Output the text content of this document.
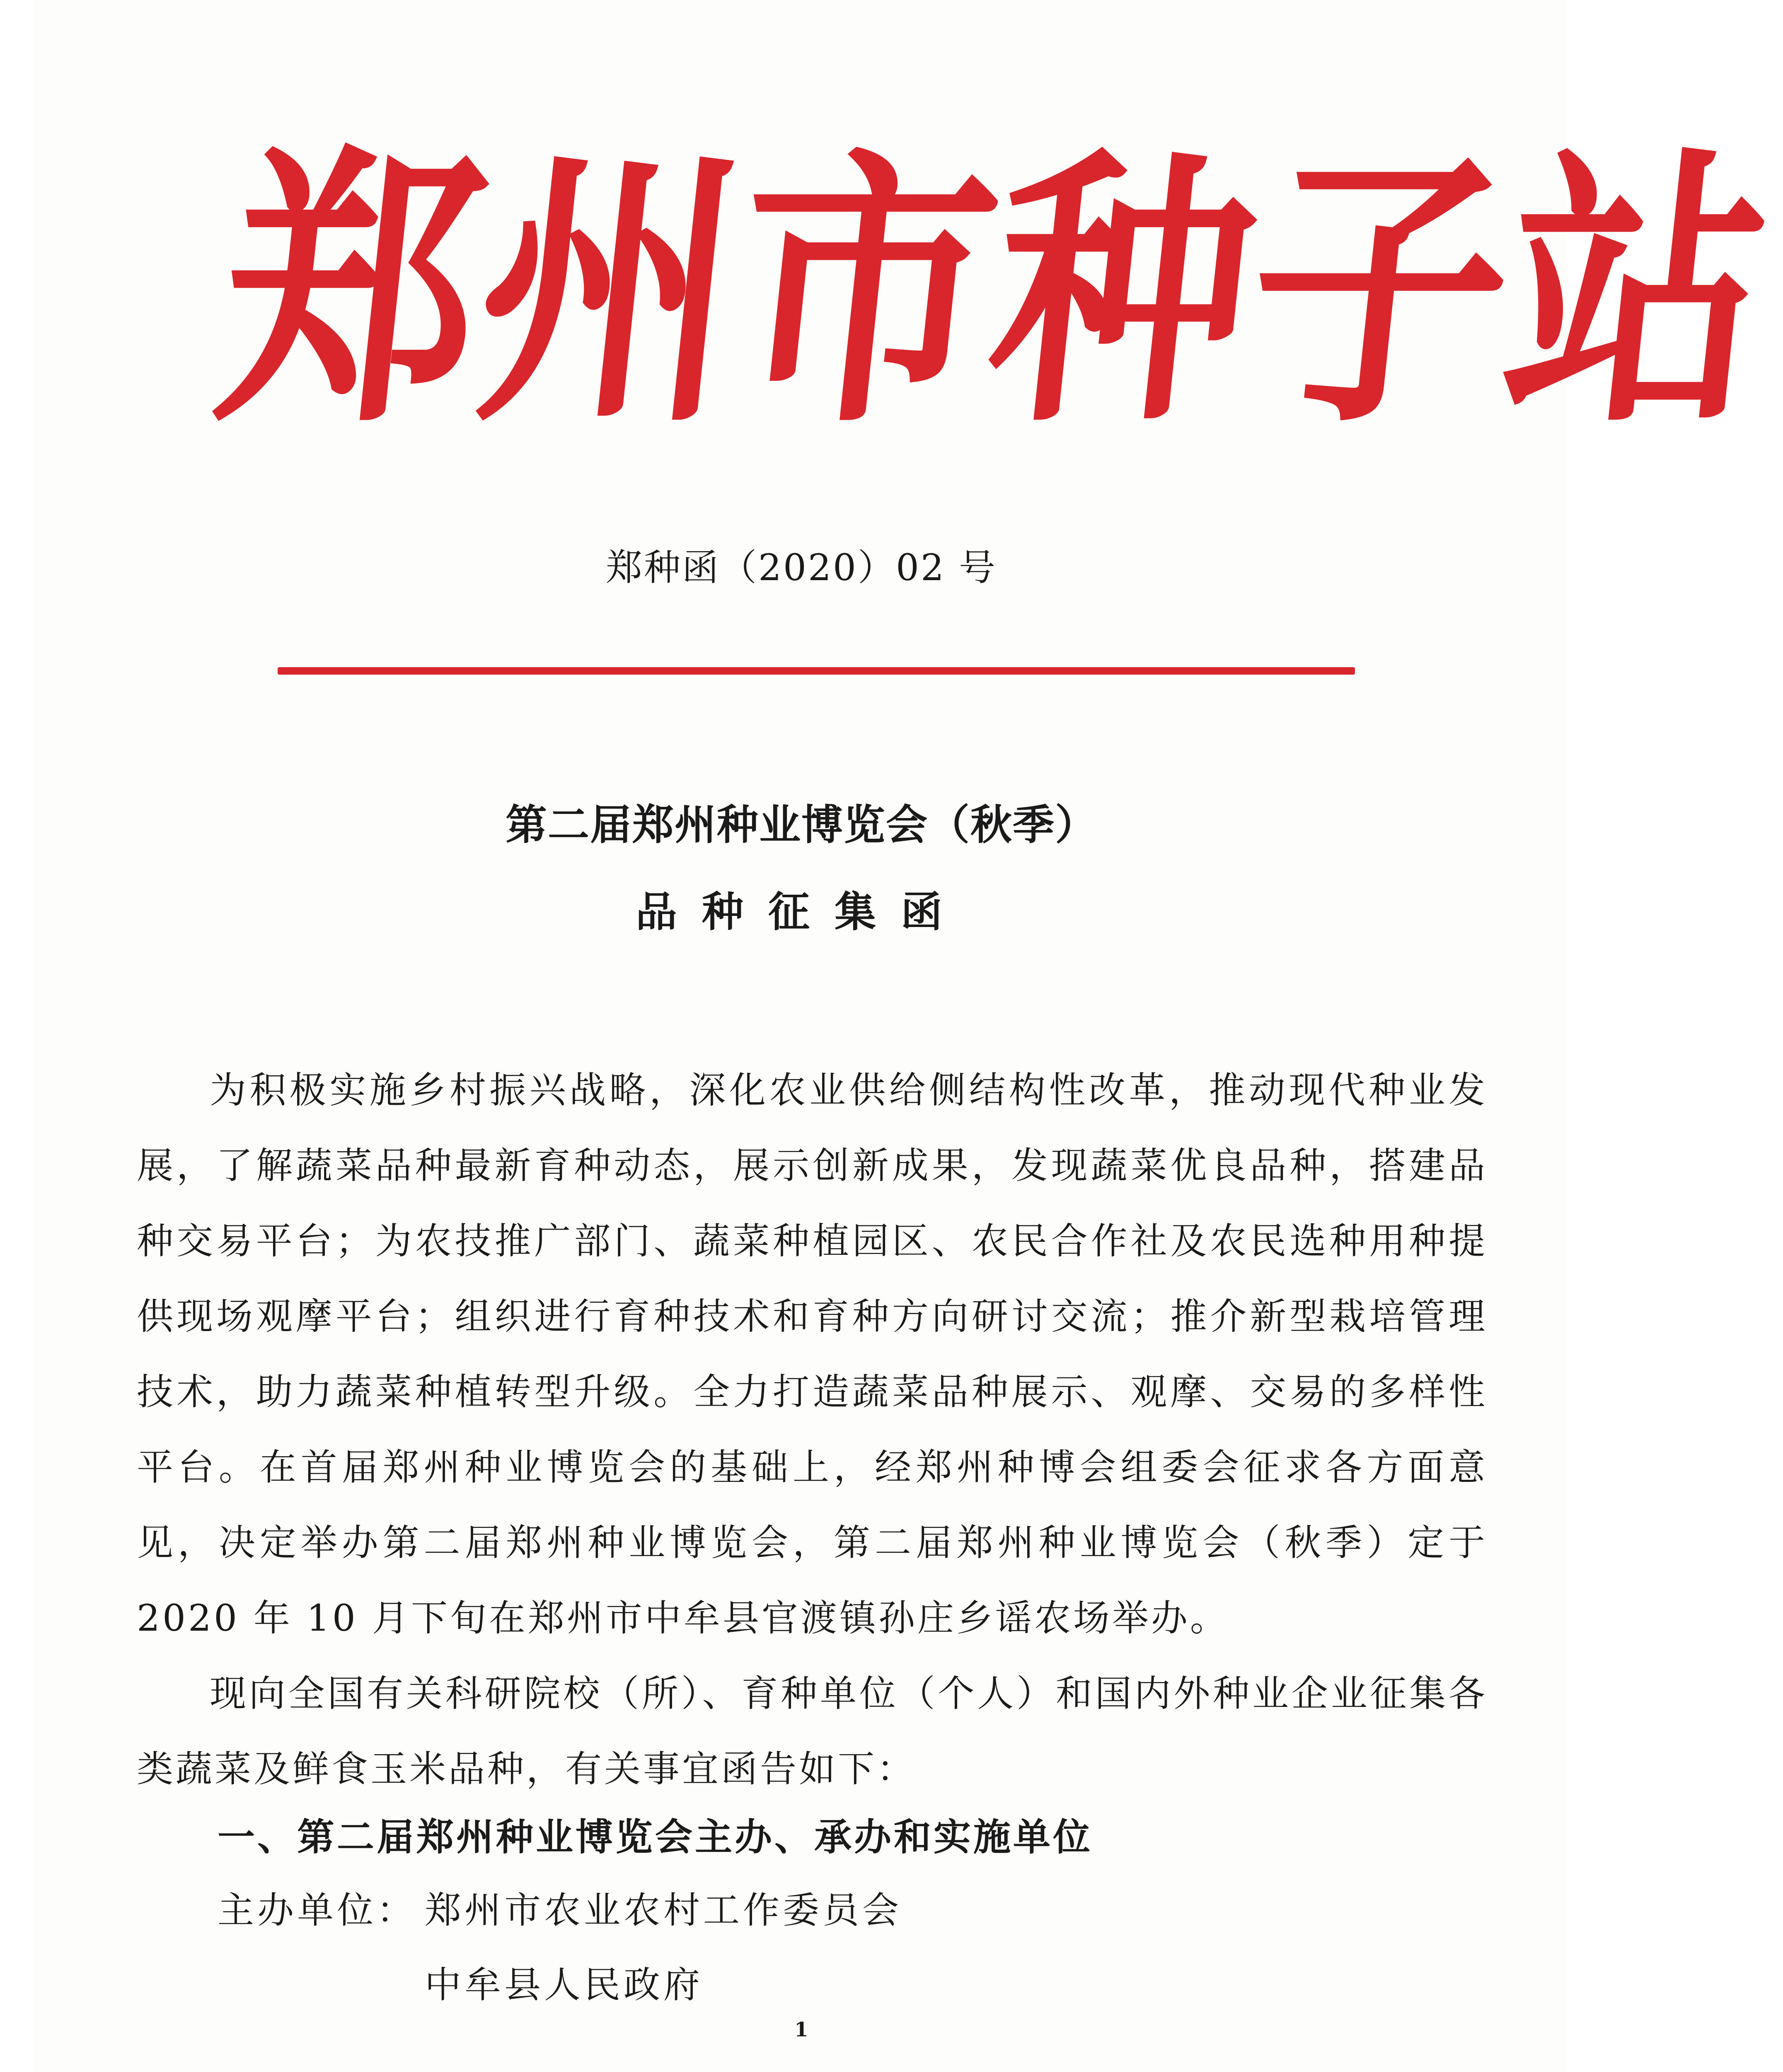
郑
州
市
种
子
站
郑种函（2020）02 号
第二届郑州种业博览会（秋季）
品种征集函

为积极实施乡村振兴战略，深化农业供给侧结构性改革，推动现代种业发展，了解蔬菜品种最新育种动态，展示创新成果，发现蔬菜优良品种，搭建品种交易平台；为农技推广部门、蔬菜种植园区、农民合作社及农民选种用种提供现场观摩平台；组织进行育种技术和育种方向研讨交流；推介新型栽培管理技术，助力蔬菜种植转型升级。全力打造蔬菜品种展示、观摩、交易的多样性平台。在首届郑州种业博览会的基础上，经郑州种博会组委会征求各方面意见，决定举办第二届郑州种业博览会，第二届郑州种业博览会（秋季）定于 2020 年 10 月下旬在郑州市中牟县官渡镇孙庄乡谣农场举办。

现向全国有关科研院校（所）、育种单位（个人）和国内外种业企业征集各类蔬菜及鲜食玉米品种，有关事宜函告如下：

一、第二届郑州种业博览会主办、承办和实施单位
主办单位： 郑州市农业农村工作委员会
中牟县人民政府
1
